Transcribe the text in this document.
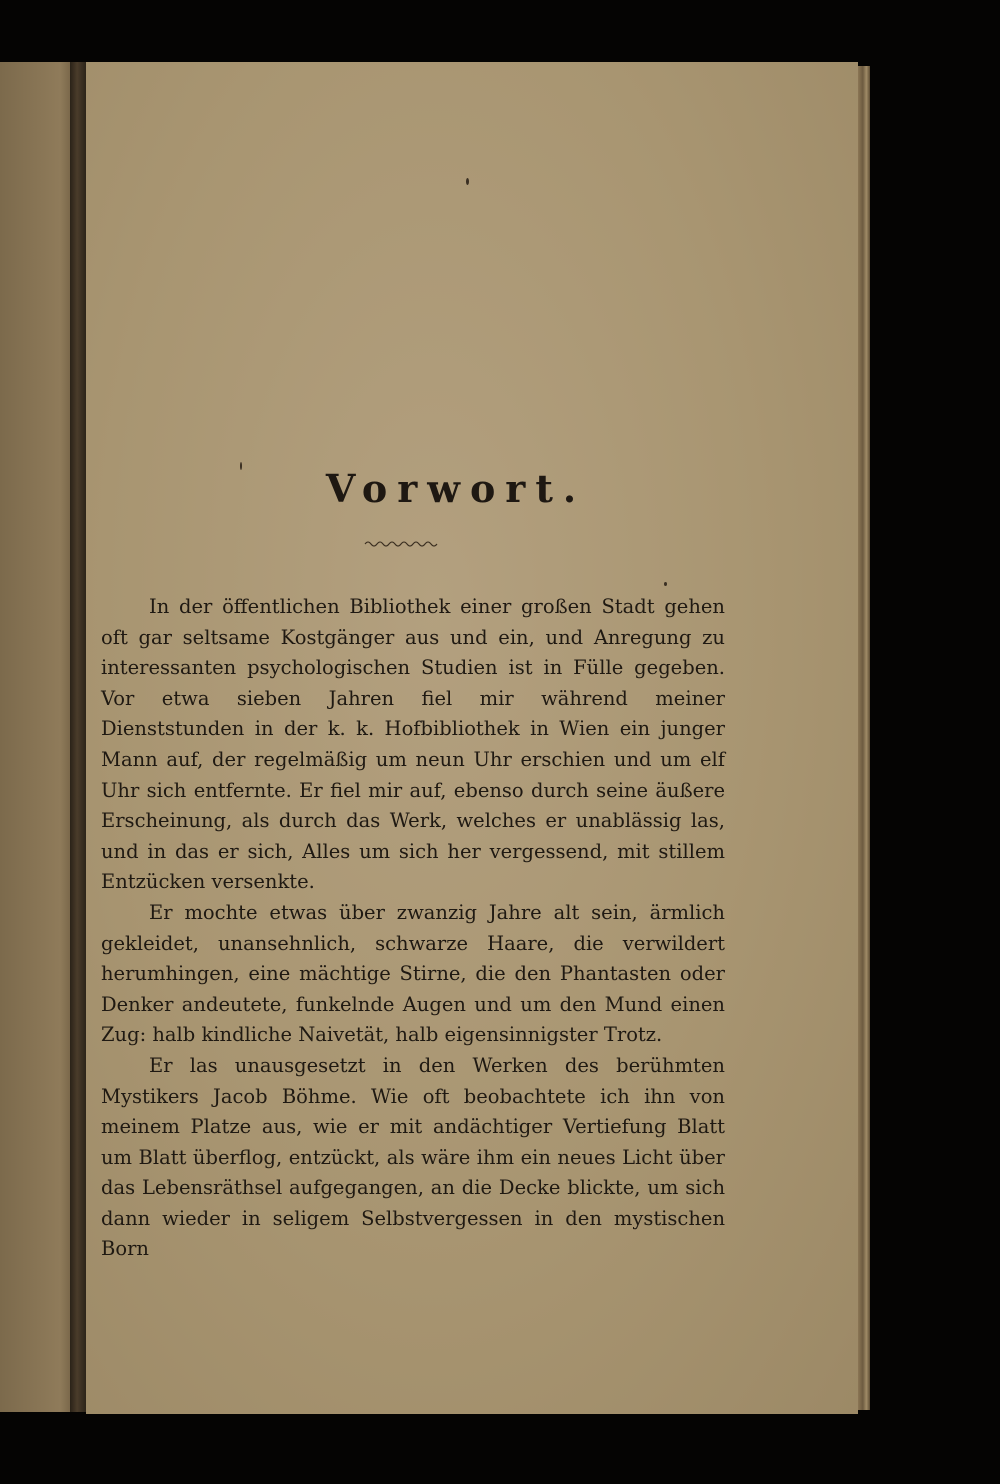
Vorwort.

In der öffentlichen Bibliothek einer großen Stadt gehen oft gar seltsame Kostgänger aus und ein, und Anregung zu interessanten psychologischen Studien ist in Fülle gegeben. Vor etwa sieben Jahren fiel mir während meiner Dienststunden in der k. k. Hofbibliothek in Wien ein junger Mann auf, der regelmäßig um neun Uhr erschien und um elf Uhr sich entfernte. Er fiel mir auf, ebenso durch seine äußere Erscheinung, als durch das Werk, welches er unablässig las, und in das er sich, Alles um sich her vergessend, mit stillem Entzücken versenkte.

Er mochte etwas über zwanzig Jahre alt sein, ärmlich gekleidet, unansehnlich, schwarze Haare, die verwildert herumhingen, eine mächtige Stirne, die den Phantasten oder Denker andeutete, funkelnde Augen und um den Mund einen Zug: halb kindliche Naivetät, halb eigensinnigster Trotz.

Er las unausgesetzt in den Werken des berühmten Mystikers Jacob Böhme. Wie oft beobachtete ich ihn von meinem Platze aus, wie er mit andächtiger Vertiefung Blatt um Blatt überflog, entzückt, als wäre ihm ein neues Licht über das Lebensräthsel aufgegangen, an die Decke blickte, um sich dann wieder in seligem Selbstvergessen in den mystischen Born
